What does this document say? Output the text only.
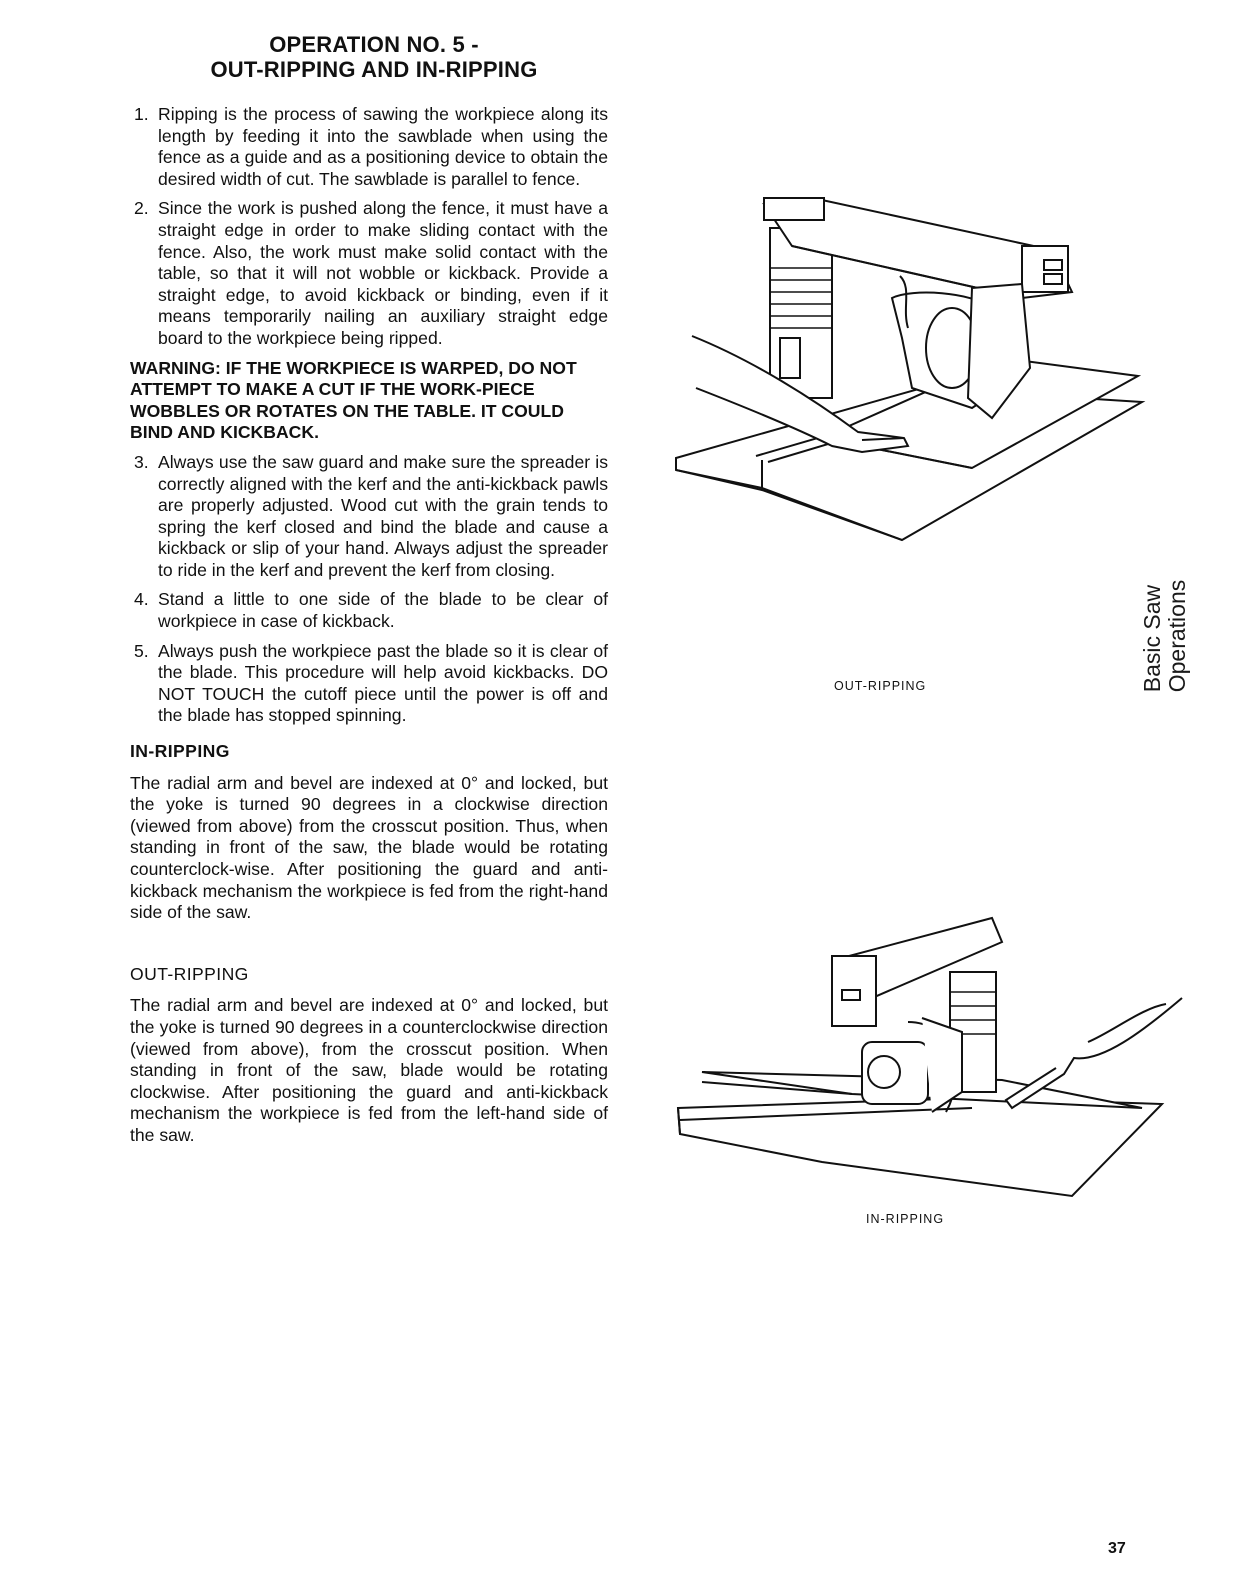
OPERATION NO. 5 -
OUT-RIPPING AND IN-RIPPING
1. Ripping is the process of sawing the workpiece along its length by feeding it into the sawblade when using the fence as a guide and as a positioning device to obtain the desired width of cut. The sawblade is parallel to fence.
2. Since the work is pushed along the fence, it must have a straight edge in order to make sliding contact with the fence. Also, the work must make solid contact with the table, so that it will not wobble or kickback. Provide a straight edge, to avoid kickback or binding, even if it means temporarily nailing an auxiliary straight edge board to the workpiece being ripped.
WARNING: IF THE WORKPIECE IS WARPED, DO NOT ATTEMPT TO MAKE A CUT IF THE WORK-PIECE WOBBLES OR ROTATES ON THE TABLE. IT COULD BIND AND KICKBACK.
3. Always use the saw guard and make sure the spreader is correctly aligned with the kerf and the anti-kickback pawls are properly adjusted. Wood cut with the grain tends to spring the kerf closed and bind the blade and cause a kickback or slip of your hand. Always adjust the spreader to ride in the kerf and prevent the kerf from closing.
4. Stand a little to one side of the blade to be clear of workpiece in case of kickback.
5. Always push the workpiece past the blade so it is clear of the blade. This procedure will help avoid kickbacks. DO NOT TOUCH the cutoff piece until the power is off and the blade has stopped spinning.
IN-RIPPING
The radial arm and bevel are indexed at 0° and locked, but the yoke is turned 90 degrees in a clockwise direction (viewed from above) from the crosscut position. Thus, when standing in front of the saw, the blade would be rotating counterclock-wise. After positioning the guard and anti-kickback mechanism the workpiece is fed from the right-hand side of the saw.
OUT-RIPPING
The radial arm and bevel are indexed at 0° and locked, but the yoke is turned 90 degrees in a counterclockwise direction (viewed from above), from the crosscut position. When standing in front of the saw, blade would be rotating clockwise. After positioning the guard and anti-kickback mechanism the workpiece is fed from the left-hand side of the saw.
OUT-RIPPING
IN-RIPPING
Basic Saw Operations
37
